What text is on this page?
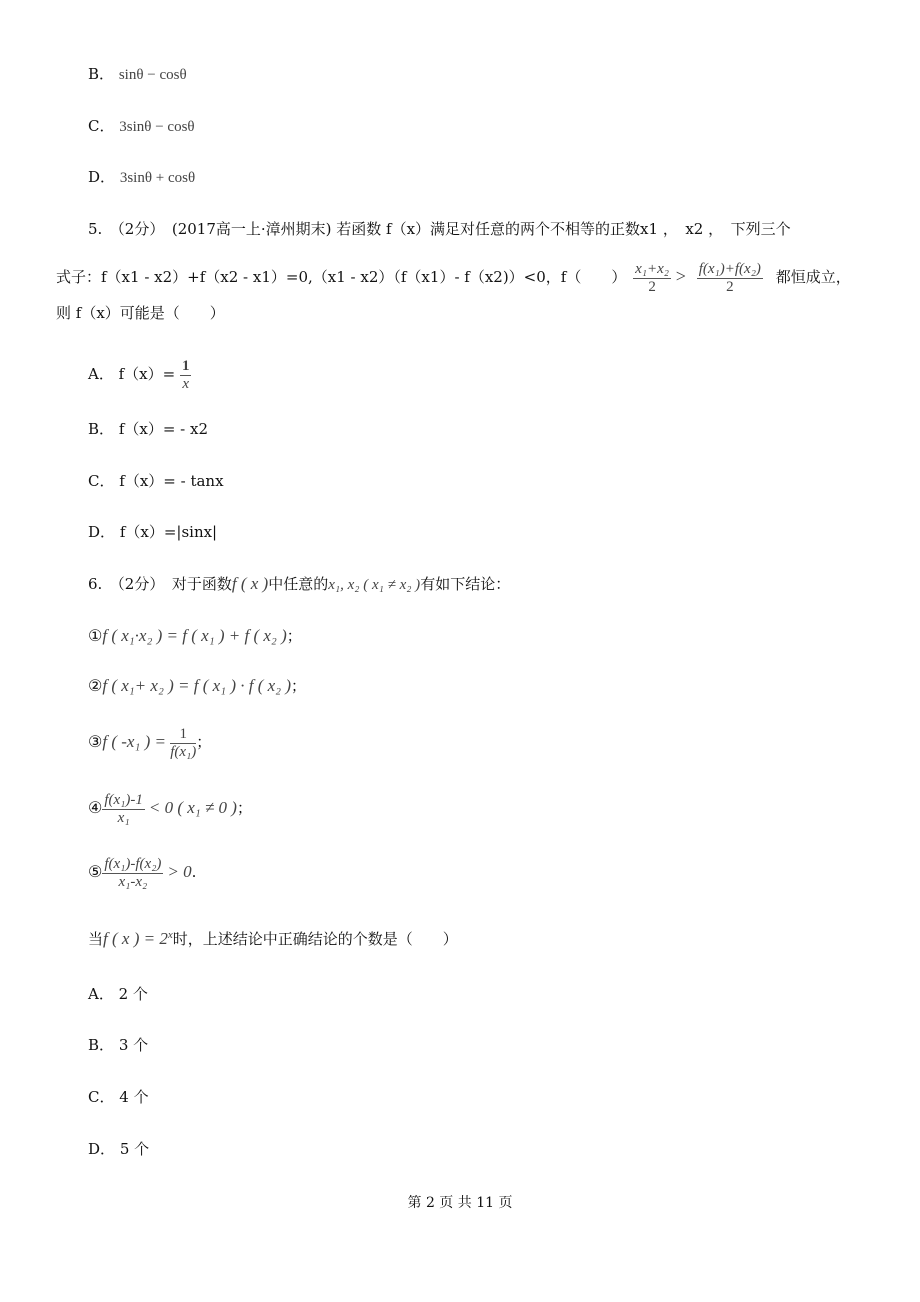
B． sinθ − cosθ
C． 3sinθ − cosθ
D． 3sinθ + cosθ
5.　（2分）　(2017高一上·漳州期末) 若函数 f（x）满足对任意的两个不相等的正数x1 ，　x2 ，　下列三个
式子：f（x1 - x2）+f（x2 - x1）=0,（x1 - x2）（f（x1）- f（x2)）<0，f（　　） $\frac{\text{x₁+x₂}}{2} > \frac{\text{f(x₁)+f(x₂)}}{2}$ 都恒成立，
则 f（x）可能是（　　）
A． $f(x)= \frac{1}{x}$
B． f（x）= - x2
C． f（x）= - tanx
D． f（x）=|sinx|
6.　（2分）　对于函数f ( x )中任意的x₁, x₂ ( x₁ ≠ x₂ )有如下结论：
①f ( x₁·x₂ ) = f ( x₁ ) + f ( x₂ )；
②f ( x₁+ x₂ ) = f ( x₁ ) · f ( x₂ )；
③f ( -x₁ ) = $\frac{1}{\text{f(x₁)}}$ ；
④ $\frac{\text{f(x₁)-1}}{\text{x₁}} < 0$ ( x₁ ≠ 0 )；
⑤ $\frac{\text{f(x₁)-f(x₂)}}{\text{x₁-x₂}} > 0$.
当f ( x ) = $2^x$时，上述结论中正确结论的个数是（　　）
A． 2 个
B． 3 个
C． 4 个
D． 5 个
第 2 页 共 11 页
